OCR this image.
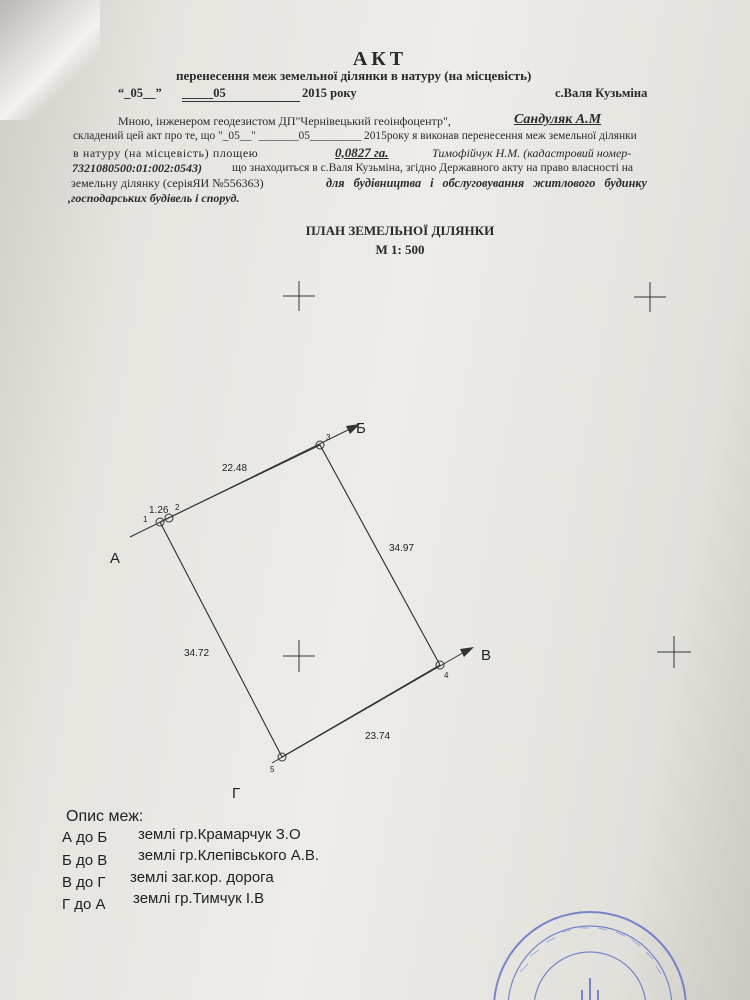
АКТ
перенесення меж земельної ділянки в натуру (на місцевість)
“_05__” _____05	2015 року	с.Валя Кузьміна
Мною, інженером геодезистом ДП"Чернівецький геоінфоцентр",	Сандуляк А.М
складений цей акт про те, що "_05__" _______05_________ 2015року я виконав перенесення меж земельної ділянки
в натуру (на місцевість) площею	0,0827 га.	Тимофійчук Н.М. (кадастровий номер-
7321080500:01:002:0543)	що знаходиться в с.Валя Кузьміна, згідно Державного акту на право власності на
земельну ділянку (серіяЯИ №556363)	для будівництва і обслуговування житлового будинку
,господарських будівель і споруд.
ПЛАН ЗЕМЕЛЬНОЇ ДІЛЯНКИ
М 1: 500
1
2
3
4
5
1.26
22.48
34.97
23.74
34.72
А
Б
В
Г
Опис меж:
А до Б землі гр.Крамарчук З.О
Б до В землі гр.Клепівського А.В.
В до Г землі заг.кор. дорога
Г до А землі гр.Тимчук І.В
